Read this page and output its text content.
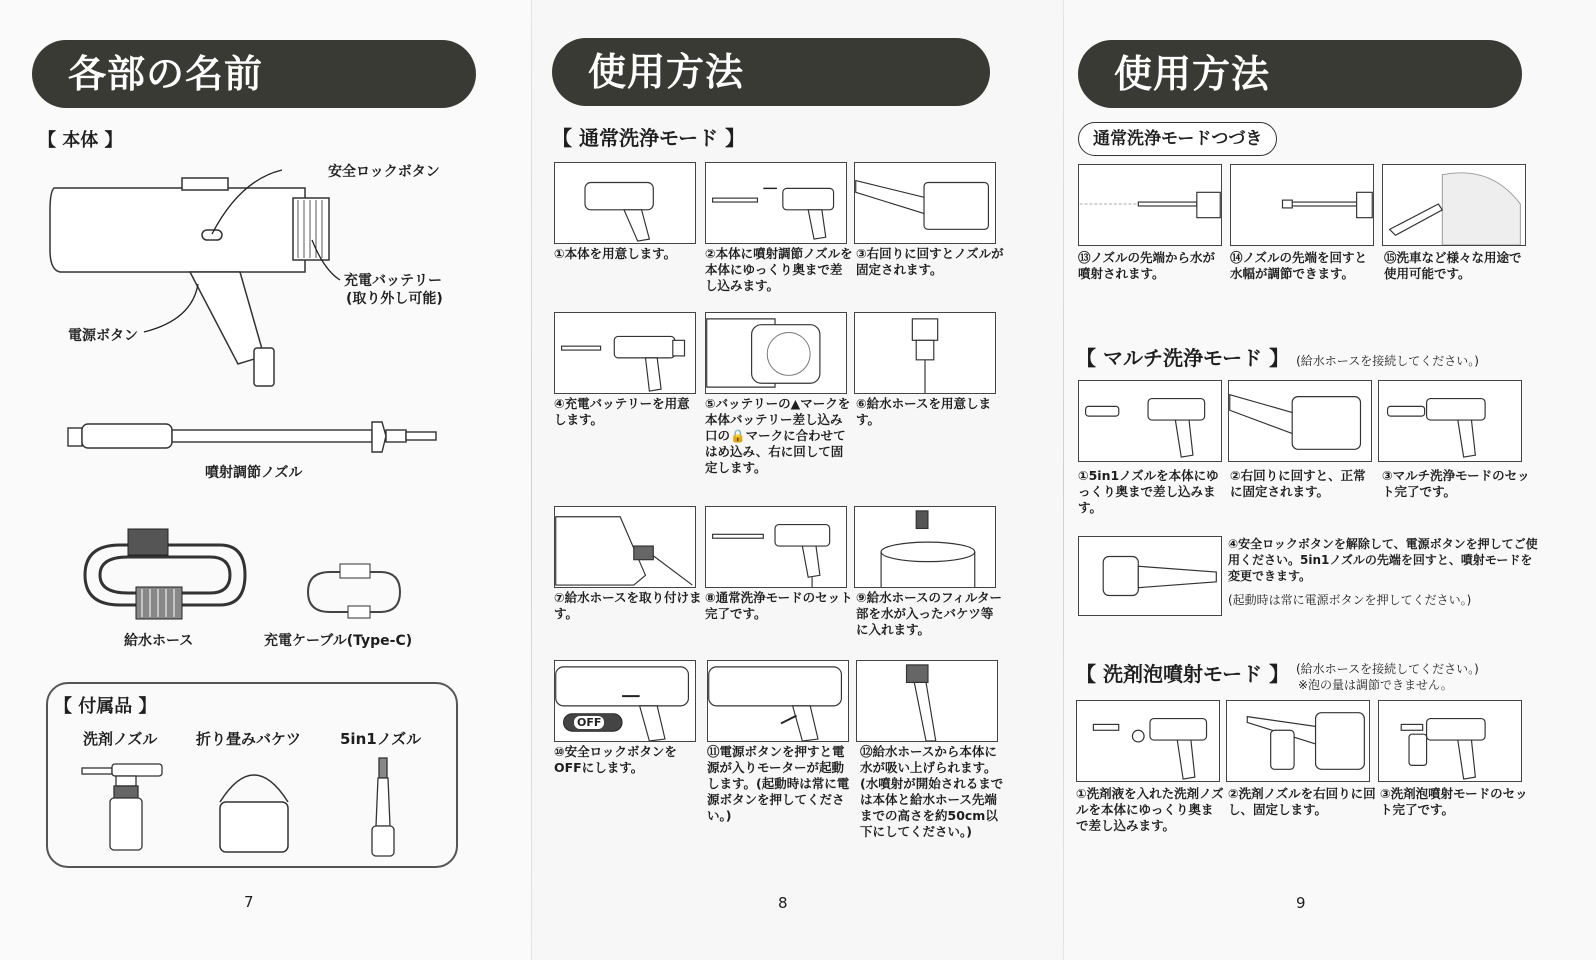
各部の名前
【 本体 】
安全ロックボタン
充電バッテリー
(取り外し可能)
電源ボタン
噴射調節ノズル
給水ホース	充電ケーブル(Type-C)
【 付属品 】
洗剤ノズル	折り畳みバケツ	5in1ノズル
7
使用方法
【 通常洗浄モード 】
①本体を用意します。	②本体に噴射調節ノズルを本体にゆっくり奥まで差し込みます。
③右回りに回すとノズルが固定されます。
④充電バッテリーを用意します。
⑤バッテリーの▲マークを本体バッテリー差し込み口の🔒マークに合わせてはめ込み、右に回して固定します。
⑥給水ホースを用意します。
⑦給水ホースを取り付けます。
⑧通常洗浄モードのセット完了です。
⑨給水ホースのフィルター部を水が入ったバケツ等に入れます。
OFF
⑩安全ロックボタンをOFFにします。
⑪電源ボタンを押すと電源が入りモーターが起動します。(起動時は常に電源ボタンを押してください。)
⑫給水ホースから本体に水が吸い上げられます。(水噴射が開始されるまでは本体と給水ホース先端までの高さを約50cm以下にしてください。)
8
使用方法
通常洗浄モードつづき
⑬ノズルの先端から水が噴射されます。
⑭ノズルの先端を回すと水幅が調節できます。
⑮洗車など様々な用途で使用可能です。
【 マルチ洗浄モード 】 (給水ホースを接続してください。)
①5in1ノズルを本体にゆっくり奥まで差し込みます。
②右回りに回すと、正常に固定されます。
③マルチ洗浄モードのセット完了です。
④安全ロックボタンを解除して、電源ボタンを押してご使用ください。5in1ノズルの先端を回すと、噴射モードを変更できます。
(起動時は常に電源ボタンを押してください。)
【 洗剤泡噴射モード 】 (給水ホースを接続してください。)
※泡の量は調節できません。
①洗剤液を入れた洗剤ノズルを本体にゆっくり奥まで差し込みます。
②洗剤ノズルを右回りに回し、固定します。
③洗剤泡噴射モードのセット完了です。
9
